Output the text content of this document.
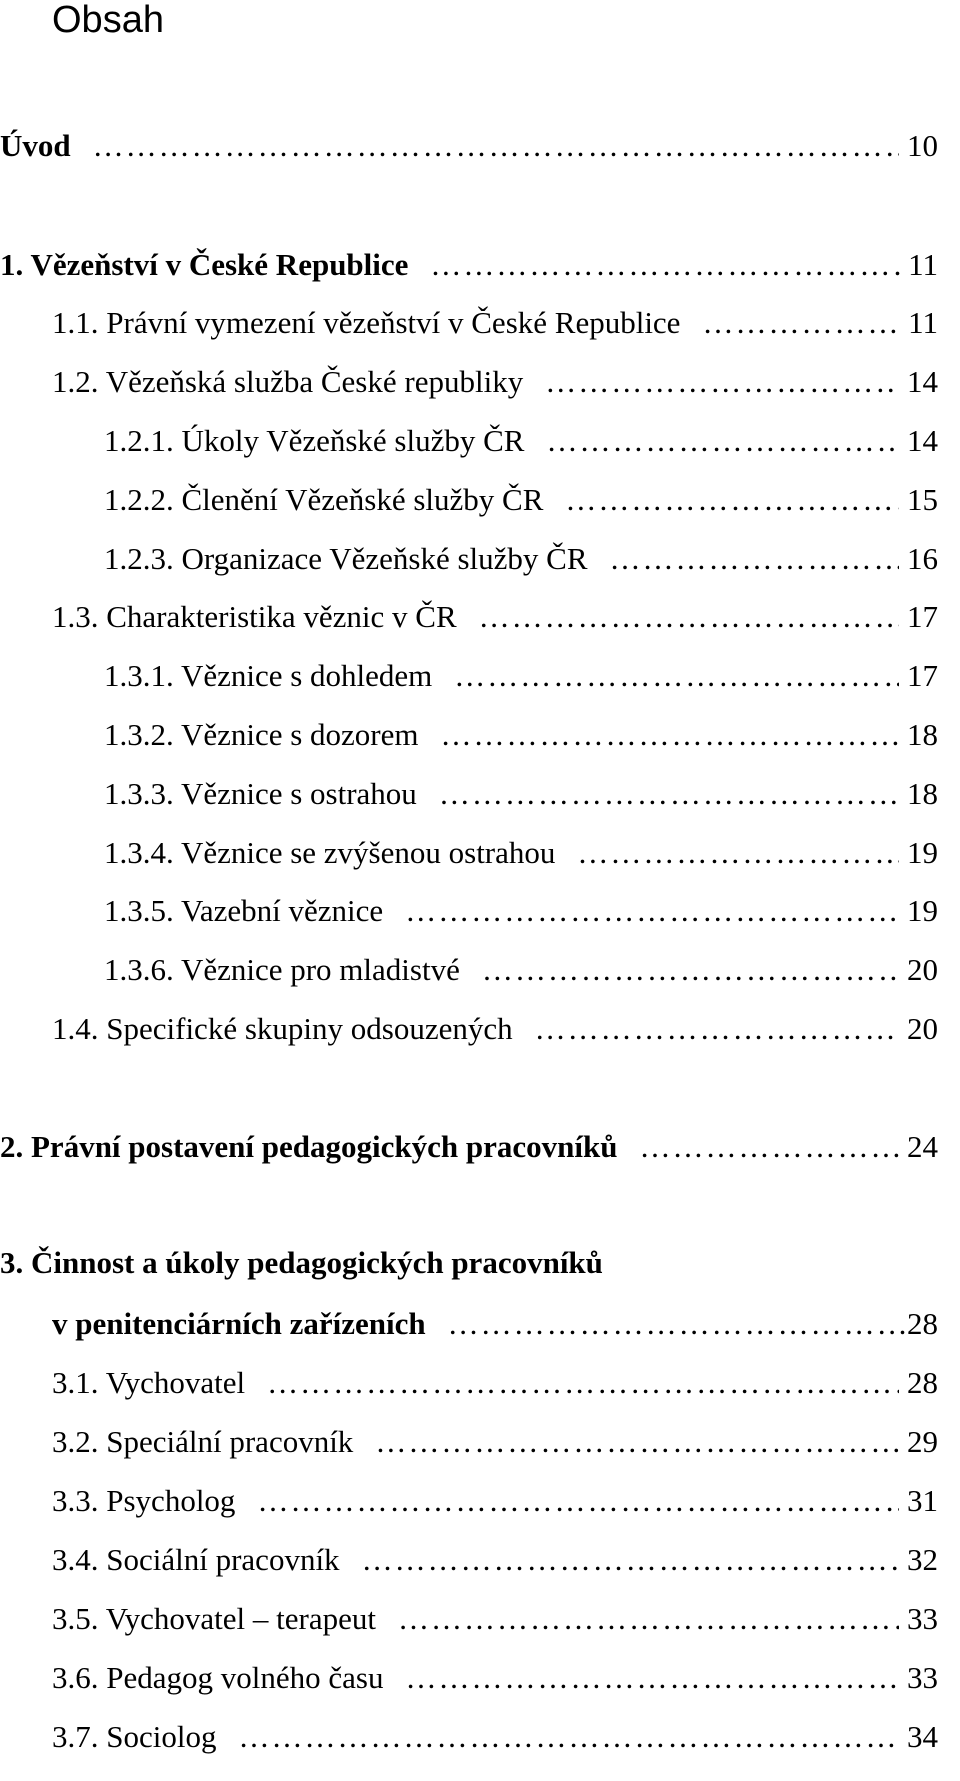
Obsah
Úvod ……………………………………………………………………………………………………………	10
1. Vězeňství v České Republice ……………………………………………………………………………………………………………	11
1.1. Právní vymezení vězeňství v České Republice ……………………………………………………………………………………………………………	11
1.2. Vězeňská služba České republiky ……………………………………………………………………………………………………………	14
1.2.1. Úkoly Vězeňské služby ČR ……………………………………………………………………………………………………………	14
1.2.2. Členění Vězeňské služby ČR ……………………………………………………………………………………………………………	15
1.2.3. Organizace Vězeňské služby ČR ……………………………………………………………………………………………………………	16
1.3. Charakteristika věznic v ČR ……………………………………………………………………………………………………………	17
1.3.1. Věznice s dohledem ……………………………………………………………………………………………………………	17
1.3.2. Věznice s dozorem ……………………………………………………………………………………………………………	18
1.3.3. Věznice s ostrahou ……………………………………………………………………………………………………………	18
1.3.4. Věznice se zvýšenou ostrahou ……………………………………………………………………………………………………………	19
1.3.5. Vazební věznice ……………………………………………………………………………………………………………	19
1.3.6. Věznice pro mladistvé ……………………………………………………………………………………………………………	20
1.4. Specifické skupiny odsouzených ……………………………………………………………………………………………………………	20
2. Právní postavení pedagogických pracovníků ……………………………………………………………………………………………………………	24
3. Činnost a úkoly pedagogických pracovníků
v penitenciárních zařízeních ……………………………………………………………………………………………………………	28
3.1. Vychovatel ……………………………………………………………………………………………………………	28
3.2. Speciální pracovník ……………………………………………………………………………………………………………	29
3.3. Psycholog ……………………………………………………………………………………………………………	31
3.4. Sociální pracovník ……………………………………………………………………………………………………………	32
3.5. Vychovatel – terapeut ……………………………………………………………………………………………………………	33
3.6. Pedagog volného času ……………………………………………………………………………………………………………	33
3.7. Sociolog ……………………………………………………………………………………………………………	34
